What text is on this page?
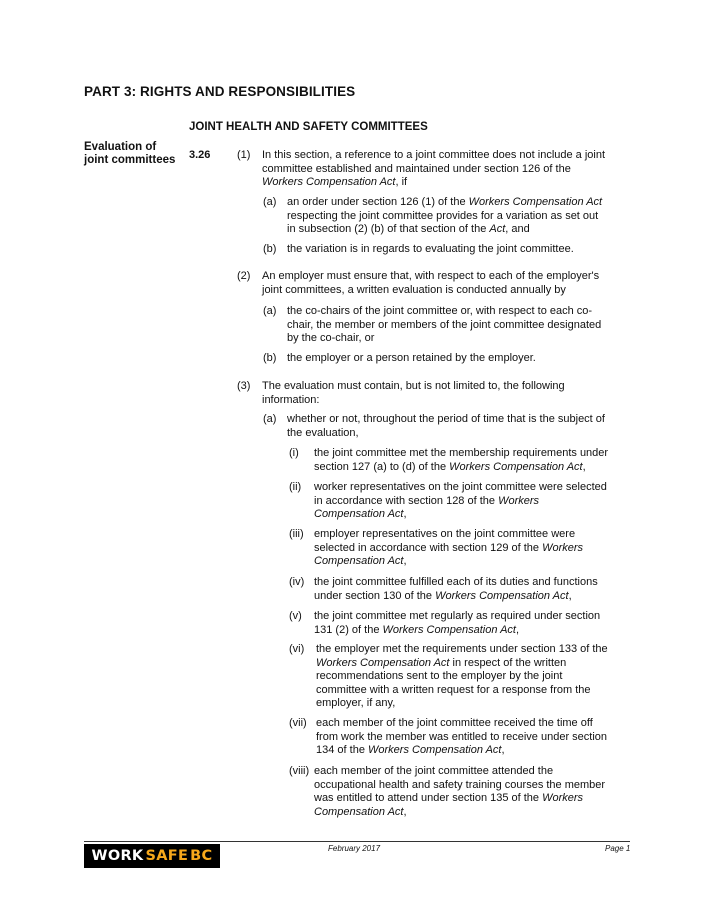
PART 3: RIGHTS AND RESPONSIBILITIES
JOINT HEALTH AND SAFETY COMMITTEES
Evaluation of
joint committees 3.26 (1) In this section, a reference to a joint committee does not include a joint
committee established and maintained under section 126 of the
Workers Compensation Act, if
(a) an order under section 126 (1) of the Workers Compensation Act
respecting the joint committee provides for a variation as set out
in subsection (2) (b) of that section of the Act, and
(b) the variation is in regards to evaluating the joint committee.
(2) An employer must ensure that, with respect to each of the employer's
joint committees, a written evaluation is conducted annually by
(a) the co-chairs of the joint committee or, with respect to each co-
chair, the member or members of the joint committee designated
by the co-chair, or
(b) the employer or a person retained by the employer.
(3) The evaluation must contain, but is not limited to, the following
information:
(a) whether or not, throughout the period of time that is the subject of
the evaluation,
(i) the joint committee met the membership requirements under
section 127 (a) to (d) of the Workers Compensation Act,
(ii) worker representatives on the joint committee were selected
in accordance with section 128 of the Workers
Compensation Act,
(iii) employer representatives on the joint committee were
selected in accordance with section 129 of the Workers
Compensation Act,
(iv) the joint committee fulfilled each of its duties and functions
under section 130 of the Workers Compensation Act,
(v) the joint committee met regularly as required under section
131 (2) of the Workers Compensation Act,
(vi) the employer met the requirements under section 133 of the
Workers Compensation Act in respect of the written
recommendations sent to the employer by the joint
committee with a written request for a response from the
employer, if any,
(vii) each member of the joint committee received the time off
from work the member was entitled to receive under section
134 of the Workers Compensation Act,
(viii) each member of the joint committee attended the
occupational health and safety training courses the member
was entitled to attend under section 135 of the Workers
Compensation Act,
WORK SAFE BC	February 2017	Page 1
